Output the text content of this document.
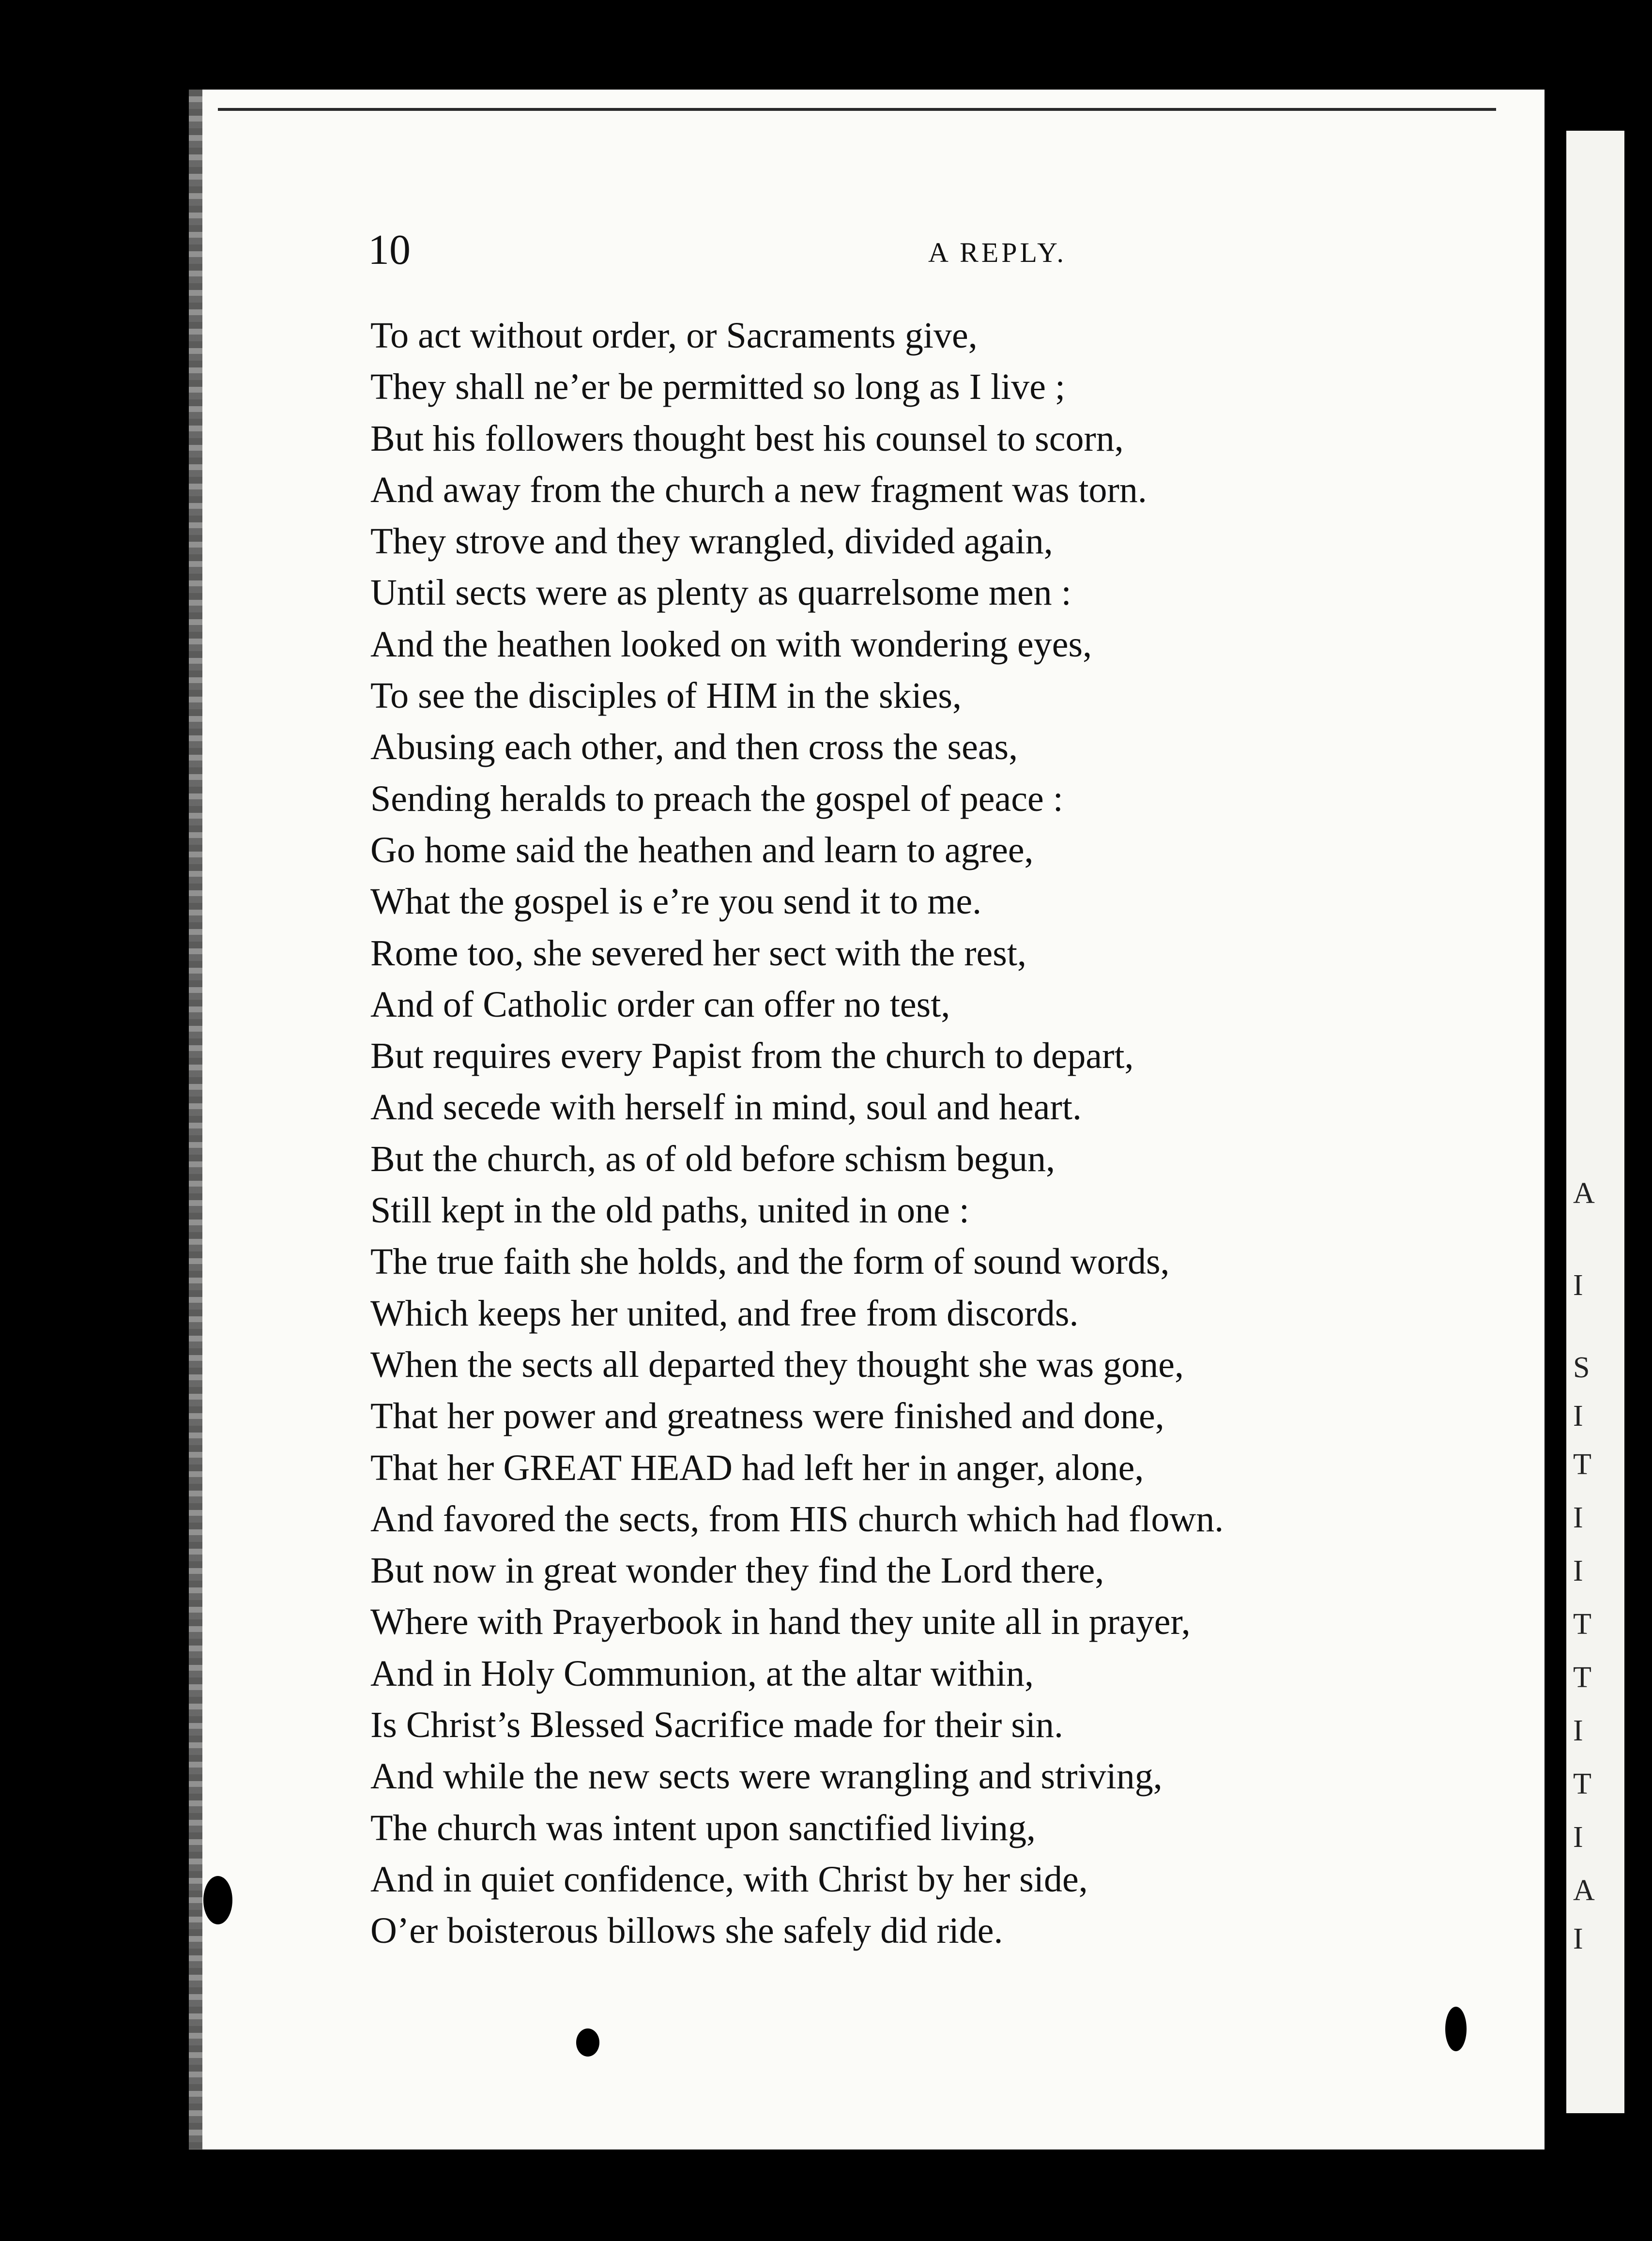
10	A REPLY.
To act without order, or Sacraments give,
They shall ne’er be permitted so long as I live ;
But his followers thought best his counsel to scorn,
And away from the church a new fragment was torn.
They strove and they wrangled, divided again,
Until sects were as plenty as quarrelsome men :
And the heathen looked on with wondering eyes,
To see the disciples of HIM in the skies,
Abusing each other, and then cross the seas,
Sending heralds to preach the gospel of peace :
Go home said the heathen and learn to agree,
What the gospel is e’re you send it to me.
Rome too, she severed her sect with the rest,
And of Catholic order can offer no test,
But requires every Papist from the church to depart,
And secede with herself in mind, soul and heart.
But the church, as of old before schism begun,
Still kept in the old paths, united in one :
The true faith she holds, and the form of sound words,
Which keeps her united, and free from discords.
When the sects all departed they thought she was gone,
That her power and greatness were finished and done,
That her GREAT HEAD had left her in anger, alone,
And favored the sects, from HIS church which had flown.
But now in great wonder they find the Lord there,
Where with Prayerbook in hand they unite all in prayer,
And in Holy Communion, at the altar within,
Is Christ’s Blessed Sacrifice made for their sin.
And while the new sects were wrangling and striving,
The church was intent upon sanctified living,
And in quiet confidence, with Christ by her side,
O’er boisterous billows she safely did ride.
A
I
S
I
T
I
I
T
T
I
T
I
A
I
